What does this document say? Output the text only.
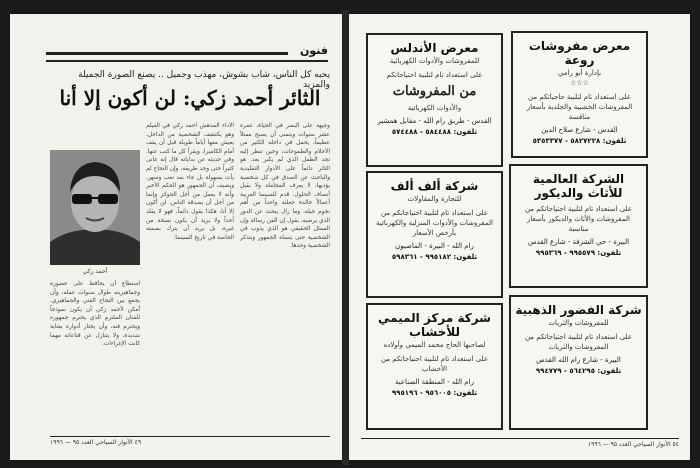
فنون
يحبه كل الناس، شاب بشوش، مهذب وجميل .. يصنع الصورة الجميلة والمزيد
الثائر أحمد زكي: لن أكون إلا أنا
وجيهة على البصر في الحياة، عمره عشر سنوات ويتمنى أن يصبح ممثلاً عظيماً، يحمل في داخله الكثير من الأحلام والطموحات، وحين تنظر إليه تجد الطفل الذي لم يكبر بعد. هو الثائر دائماً على الأدوار التقليدية والباحث عن الصدق في كل شخصية يؤديها، لا يعرف المجاملة ولا يقبل أنصاف الحلول. قدم للسينما العربية أعمالاً خالدة جعلته واحداً من أهم نجوم جيله، وما زال يبحث عن الدور الذي يرضيه. يقول إن الفن رسالة وإن الممثل الحقيقي هو الذي يذوب في الشخصية حتى ينساه الجمهور ويتذكر الشخصية وحدها.
الأداء المدهش أحمد زكي في الفيلم وهو يكتشف الشخصية من الداخل، يعيش معها أياماً طويلة قبل أن يقف أمام الكاميرا، ويقرأ كل ما كتب عنها. وفي حديثه عن بداياته قال إنه عانى كثيراً حتى وجد طريقه، وإن النجاح لم يأت بسهولة بل جاء بعد تعب وسهر. ويضيف أن الجمهور هو الحكم الأخير وأنه لا يعمل من أجل الجوائز وإنما من أجل أن يصدقه الناس. لن أكون إلا أنا، هكذا يقول دائماً، فهو لا يقلد أحداً ولا يريد أن يكون نسخة من غيره، بل يريد أن يترك بصمته الخاصة في تاريخ السينما.
أحمد زكي
استطاع أن يحافظ على حضوره وجماهيريته طوال سنوات عمله، وأن يجمع بين النجاح الفني والجماهيري. أمكن لأحمد زكي أن يكون نموذجاً للفنان الملتزم الذي يحترم جمهوره ويحترم فنه، وأن يختار أدواره بعناية شديدة، ولا يتنازل عن قناعاته مهما كانت الإغراءات.
٤٩ الأنوار السياحي العدد ٩٥ — ١٩٩٦
معرض مفروشات روعة
بإدارة أبو رامي
☆☆☆
على استعداد تام لتلبية حاجياتكم من المفروشات الخشبية والجلدية بأسعار منافسة
القدس - شارع صلاح الدين
تلفون: ٥٨٢٧٢٢٨ - ٥٣٥٣٣٧٧
معرض الأندلس
للمفروشات والأدوات الكهربائية
على استعداد تام لتلبية احتياجاتكم
من المفروشات
والأدوات الكهربائية
القدس - طريق رام الله - مقابل همشير
تلفون: ٥٨٤٤٨٨ - ٥٧٤٤٨٨
الشركة العالمية للأثاث والديكور
على استعداد تام لتلبية احتياجاتكم من المفروشات والأثاث والديكور بأسعار مناسبة
البيرة - حي الشرفة - شارع القدس
تلفون: ٩٩٥٥٧٩ - ٩٩٥٣٦٩
شركة ألف ألف
للتجارة والمقاولات
على استعداد تام لتلبية احتياجاتكم من المفروشات والأدوات المنزلية والكهربائية بأرخص الأسعار
رام الله - البيرة - الماصيون
تلفون: ٩٩٥١٨٢ - ٥٩٨٣٦١
شركة الفضور الذهبية
للمفروشات والثريات
على استعداد تام لتلبية احتياجاتكم من المفروشات والثريات
البيرة - شارع رام الله القدس
تلفون: ٥٦٤٢٩٥ - ٩٩٤٧٧٩
شركة مركز الميمي للأخشاب
لصاحبها الحاج محمد الميمي وأولاده
على استعداد تام لتلبية احتياجاتكم من الأخشاب
رام الله - المنطقة الصناعية
تلفون: ٩٥٦٠٠٥ - ٩٩٥١٩٦
٥٤ الأنوار السياحي العدد ٩٥ — ١٩٩٦
